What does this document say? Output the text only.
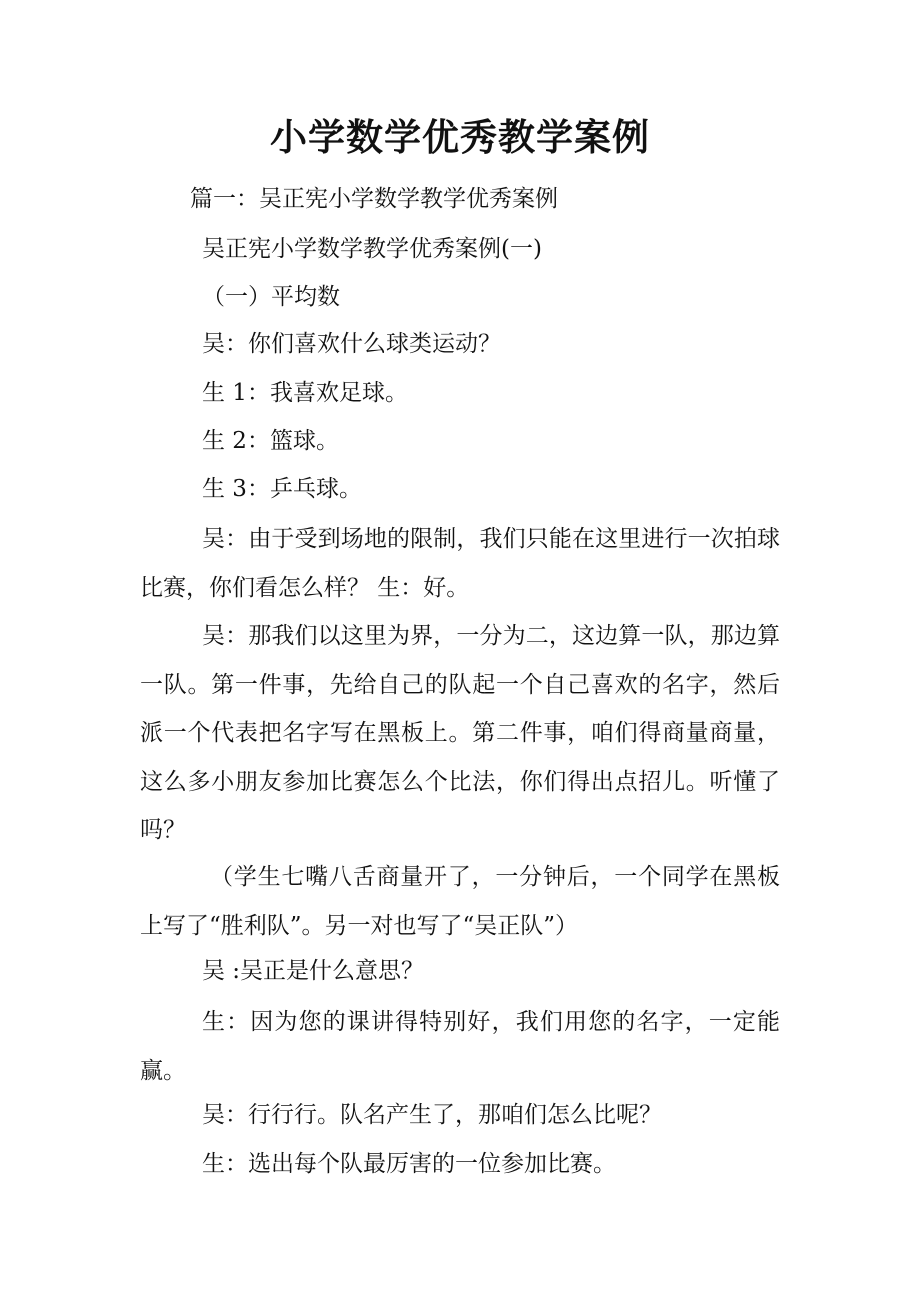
小学数学优秀教学案例
篇一：吴正宪小学数学教学优秀案例
吴正宪小学数学教学优秀案例(一)
（一）平均数
吴：你们喜欢什么球类运动？
生 1：我喜欢足球。
生 2：篮球。
生 3：乒乓球。
吴：由于受到场地的限制，我们只能在这里进行一次拍球比赛，你们看怎么样？ 生：好。
吴：那我们以这里为界，一分为二，这边算一队，那边算一队。第一件事，先给自己的队起一个自己喜欢的名字，然后派一个代表把名字写在黑板上。第二件事，咱们得商量商量，这么多小朋友参加比赛怎么个比法，你们得出点招儿。听懂了吗？
（学生七嘴八舌商量开了，一分钟后，一个同学在黑板上写了“胜利队”。另一对也写了“吴正队”）
吴 :吴正是什么意思？
生：因为您的课讲得特别好，我们用您的名字，一定能赢。
吴：行行行。队名产生了，那咱们怎么比呢？
生：选出每个队最厉害的一位参加比赛。
